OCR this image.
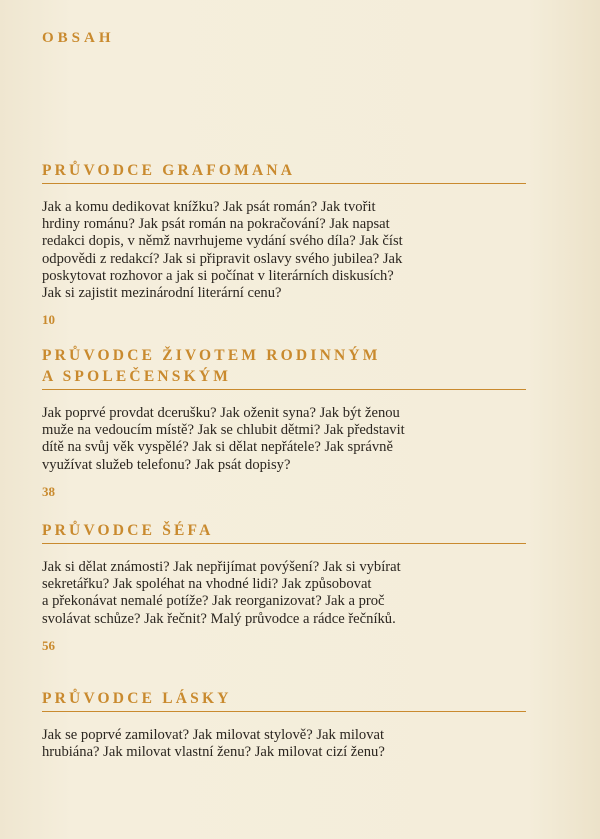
OBSAH
PRŮVODCE GRAFOMANA
Jak a komu dedikovat knížku? Jak psát román? Jak tvořit
hrdiny románu? Jak psát román na pokračování? Jak napsat
redakci dopis, v němž navrhujeme vydání svého díla? Jak číst
odpovědi z redakcí? Jak si připravit oslavy svého jubilea? Jak
poskytovat rozhovor a jak si počínat v literárních diskusích?
Jak si zajistit mezinárodní literární cenu?
10
PRŮVODCE ŽIVOTEM RODINNÝM
A SPOLEČENSKÝM
Jak poprvé provdat dcerušku? Jak oženit syna? Jak být ženou
muže na vedoucím místě? Jak se chlubit dětmi? Jak představit
dítě na svůj věk vyspělé? Jak si dělat nepřátele? Jak správně
využívat služeb telefonu? Jak psát dopisy?
38
PRŮVODCE ŠÉFA
Jak si dělat známosti? Jak nepřijímat povýšení? Jak si vybírat
sekretářku? Jak spoléhat na vhodné lidi? Jak způsobovat
a překonávat nemalé potíže? Jak reorganizovat? Jak a proč
svolávat schůze? Jak řečnit? Malý průvodce a rádce řečníků.
56
PRŮVODCE LÁSKY
Jak se poprvé zamilovat? Jak milovat stylově? Jak milovat
hrubiána? Jak milovat vlastní ženu? Jak milovat cizí ženu?
